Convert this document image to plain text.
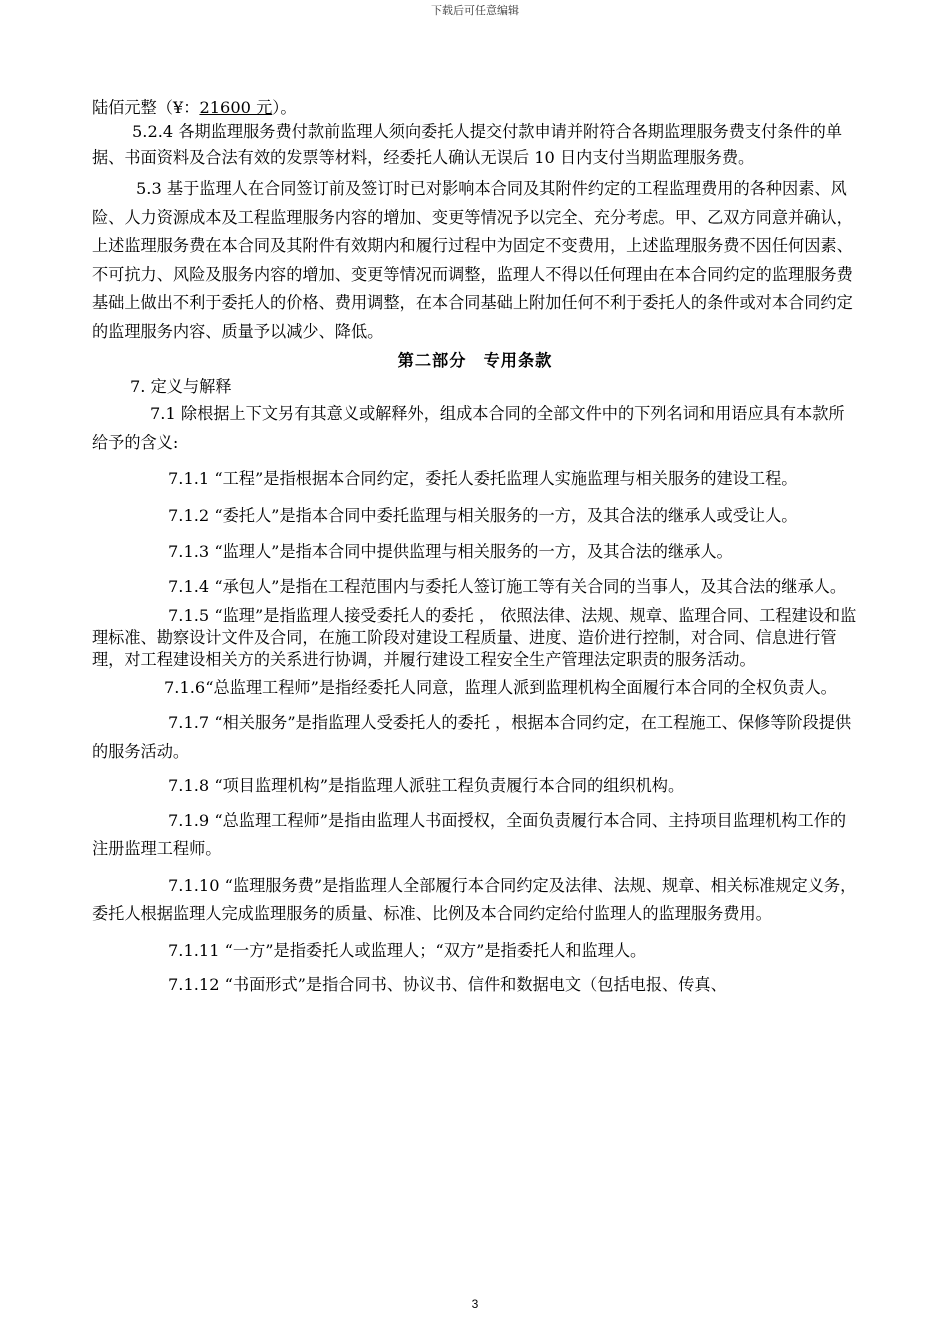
下载后可任意编辑

陆佰元整（¥：21600 元）。

5.2.4 各期监理服务费付款前监理人须向委托人提交付款申请并附符合各期监理服务费支付条件的单据、书面资料及合法有效的发票等材料，经委托人确认无误后 10 日内支付当期监理服务费。

5.3 基于监理人在合同签订前及签订时已对影响本合同及其附件约定的工程监理费用的各种因素、风险、人力资源成本及工程监理服务内容的增加、变更等情况予以完全、充分考虑。甲、乙双方同意并确认，上述监理服务费在本合同及其附件有效期内和履行过程中为固定不变费用，上述监理服务费不因任何因素、不可抗力、风险及服务内容的增加、变更等情况而调整，监理人不得以任何理由在本合同约定的监理服务费基础上做出不利于委托人的价格、费用调整，在本合同基础上附加任何不利于委托人的条件或对本合同约定的监理服务内容、质量予以减少、降低。

第二部分　专用条款

7. 定义与解释

7.1 除根据上下文另有其意义或解释外，组成本合同的全部文件中的下列名词和用语应具有本款所给予的含义:

7.1.1 “工程”是指根据本合同约定，委托人委托监理人实施监理与相关服务的建设工程。

7.1.2 “委托人”是指本合同中委托监理与相关服务的一方，及其合法的继承人或受让人。

7.1.3 “监理人”是指本合同中提供监理与相关服务的一方，及其合法的继承人。

7.1.4 “承包人”是指在工程范围内与委托人签订施工等有关合同的当事人，及其合法的继承人。

7.1.5 “监理”是指监理人接受委托人的委托 ， 依照法律、法规、规章、监理合同、工程建设和监理标准、勘察设计文件及合同，在施工阶段对建设工程质量、进度、造价进行控制，对合同、信息进行管理，对工程建设相关方的关系进行协调，并履行建设工程安全生产管理法定职责的服务活动。

7.1.6“总监理工程师”是指经委托人同意，监理人派到监理机构全面履行本合同的全权负责人。

7.1.7 “相关服务”是指监理人受委托人的委托 ，根据本合同约定，在工程施工、保修等阶段提供的服务活动。

7.1.8 “项目监理机构”是指监理人派驻工程负责履行本合同的组织机构。

7.1.9 “总监理工程师”是指由监理人书面授权，全面负责履行本合同、主持项目监理机构工作的注册监理工程师。

7.1.10 “监理服务费”是指监理人全部履行本合同约定及法律、法规、规章、相关标准规定义务，委托人根据监理人完成监理服务的质量、标准、比例及本合同约定给付监理人的监理服务费用。

7.1.11 “一方”是指委托人或监理人；“双方”是指委托人和监理人。

7.1.12 “书面形式”是指合同书、协议书、信件和数据电文（包括电报、传真、

3
